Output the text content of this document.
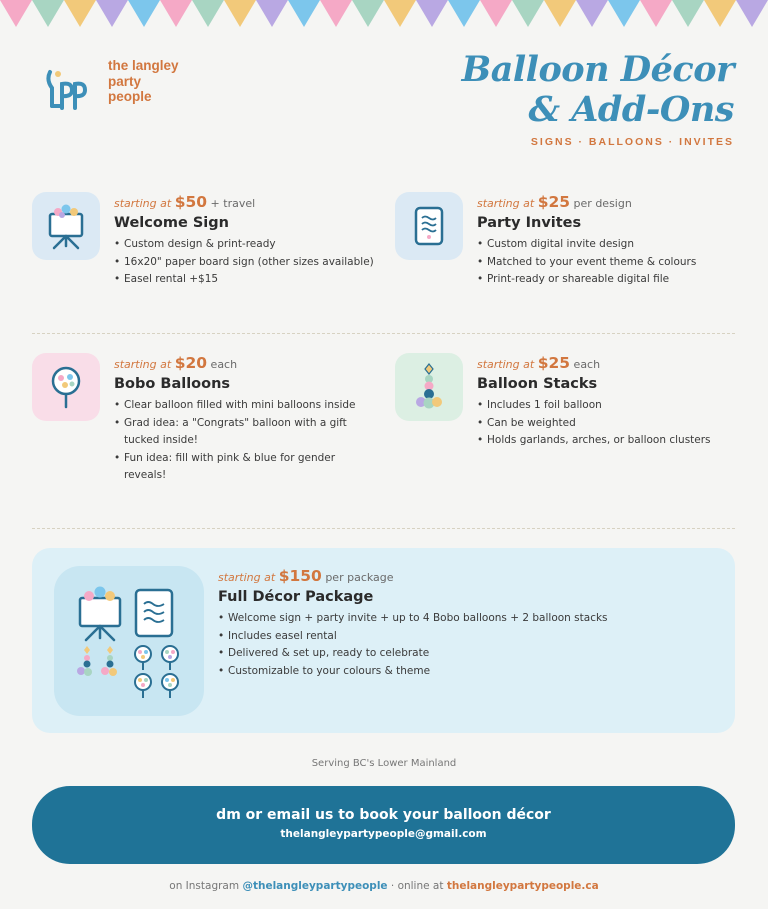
the langley
party
people
Balloon Décor
& Add-Ons
SIGNS · BALLOONS · INVITES
starting at $50 + travel
Welcome Sign
• Custom design & print-ready
• 16x20" paper board sign (other sizes available)
• Easel rental +$15
starting at $25 per design
Party Invites
• Custom digital invite design
• Matched to your event theme & colours
• Print-ready or shareable digital file
starting at $20 each
Bobo Balloons
• Clear balloon filled with mini balloons inside
• Grad idea: a "Congrats" balloon with a gift tucked inside!
• Fun idea: fill with pink & blue for gender reveals!
starting at $25 each
Balloon Stacks
• Includes 1 foil balloon
• Can be weighted
• Holds garlands, arches, or balloon clusters
starting at $150 per package
Full Décor Package
• Welcome sign + party invite + up to 4 Bobo balloons + 2 balloon stacks
• Includes easel rental
• Delivered & set up, ready to celebrate
• Customizable to your colours & theme
Serving BC's Lower Mainland
dm or email us to book your balloon décor
thelangleypartypeople@gmail.com
on Instagram @thelangleypartypeople · online at thelangleypartypeople.ca
